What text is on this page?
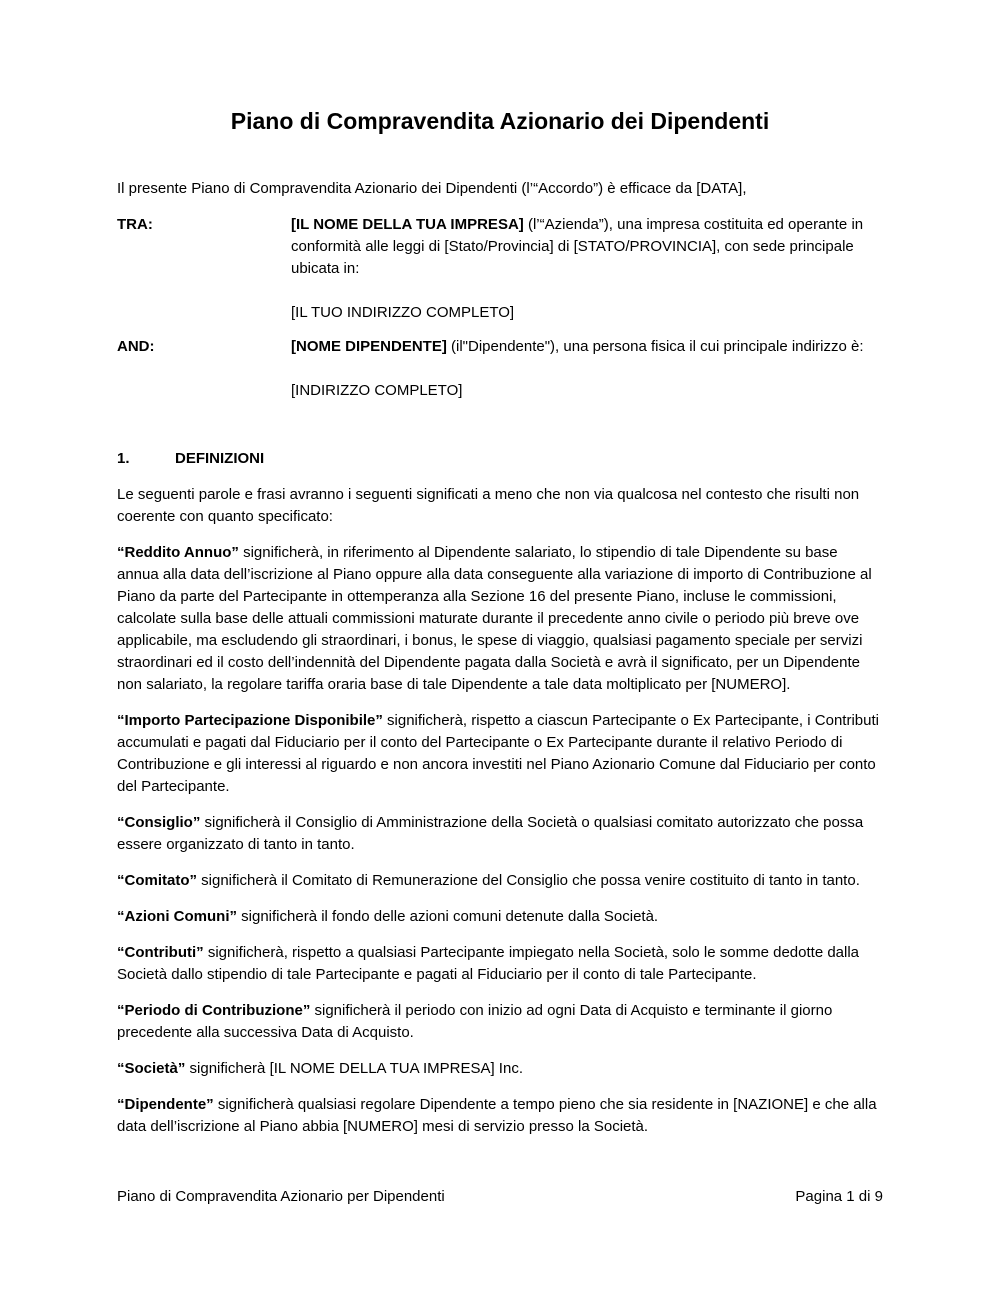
Piano di Compravendita Azionario dei Dipendenti

Il presente Piano di Compravendita Azionario dei Dipendenti (l’“Accordo”) è efficace da [DATA],

TRA:	[IL NOME DELLA TUA IMPRESA] (l’“Azienda”), una impresa costituita ed operante in conformità alle leggi di [Stato/Provincia] di [STATO/PROVINCIA], con sede principale ubicata in:

[IL TUO INDIRIZZO COMPLETO]

AND:	[NOME DIPENDENTE] (il"Dipendente"), una persona fisica il cui principale indirizzo è:

[INDIRIZZO COMPLETO]

1.	DEFINIZIONI

Le seguenti parole e frasi avranno i seguenti significati a meno che non via qualcosa nel contesto che risulti non coerente con quanto specificato:

“Reddito Annuo” significherà, in riferimento al Dipendente salariato, lo stipendio di tale Dipendente su base annua alla data dell’iscrizione al Piano oppure alla data conseguente alla variazione di importo di Contribuzione al Piano da parte del Partecipante in ottemperanza alla Sezione 16 del presente Piano, incluse le commissioni, calcolate sulla base delle attuali commissioni maturate durante il precedente anno civile o periodo più breve ove applicabile, ma escludendo gli straordinari, i bonus, le spese di viaggio, qualsiasi pagamento speciale per servizi straordinari ed il costo dell’indennità del Dipendente pagata dalla Società e avrà il significato, per un Dipendente non salariato, la regolare tariffa oraria base di tale Dipendente a tale data moltiplicato per [NUMERO].

“Importo Partecipazione Disponibile” significherà, rispetto a ciascun Partecipante o Ex Partecipante, i Contributi accumulati e pagati dal Fiduciario per il conto del Partecipante o Ex Partecipante durante il relativo Periodo di Contribuzione e gli interessi al riguardo e non ancora investiti nel Piano Azionario Comune dal Fiduciario per conto del Partecipante.

“Consiglio” significherà il Consiglio di Amministrazione della Società o qualsiasi comitato autorizzato che possa essere organizzato di tanto in tanto.

“Comitato” significherà il Comitato di Remunerazione del Consiglio che possa venire costituito di tanto in tanto.

“Azioni Comuni” significherà il fondo delle azioni comuni detenute dalla Società.

“Contributi” significherà, rispetto a qualsiasi Partecipante impiegato nella Società, solo le somme dedotte dalla Società dallo stipendio di tale Partecipante e pagati al Fiduciario per il conto di tale Partecipante.

“Periodo di Contribuzione” significherà il periodo con inizio ad ogni Data di Acquisto e terminante il giorno precedente alla successiva Data di Acquisto.

“Società” significherà [IL NOME DELLA TUA IMPRESA] Inc.

“Dipendente” significherà qualsiasi regolare Dipendente a tempo pieno che sia residente in [NAZIONE] e che alla data dell’iscrizione al Piano abbia [NUMERO] mesi di servizio presso la Società.

Piano di Compravendita Azionario per Dipendenti	Pagina 1 di 9
